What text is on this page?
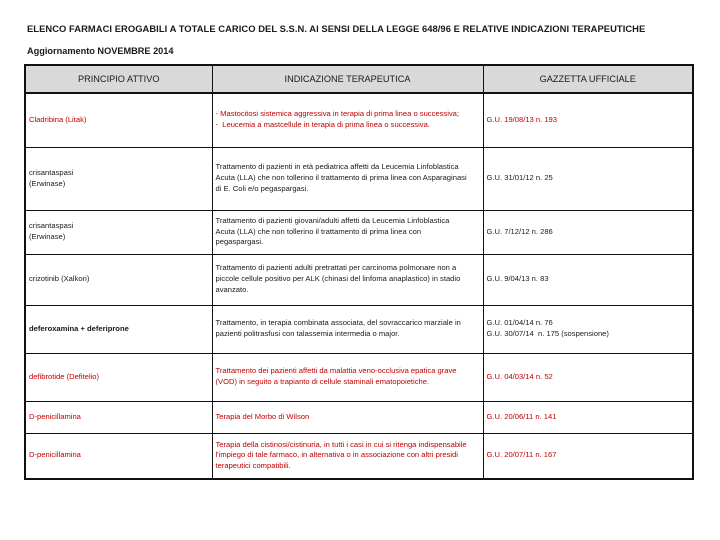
ELENCO FARMACI EROGABILI A TOTALE CARICO DEL S.S.N. AI SENSI DELLA LEGGE 648/96 E RELATIVE INDICAZIONI TERAPEUTICHE
Aggiornamento NOVEMBRE 2014
PRINCIPIO ATTIVO	INDICAZIONE TERAPEUTICA	GAZZETTA UFFICIALE

Cladribina (Litak)	- Mastocitosi sistemica aggressiva in terapia di prima linea o successiva;
-  Leucemia a mastcellule in terapia di prima linea o successiva.	G.U. 19/08/13 n. 193

crisantaspasi
(Erwinase)	Trattamento di pazienti in età pediatrica affetti da Leucemia Linfoblastica
Acuta (LLA) che non tollerino il trattamento di prima linea con Asparaginasi
di E. Coli e/o pegaspargasi.	G.U. 31/01/12 n. 25

crisantaspasi
(Erwinase)	Trattamento di pazienti giovani/adulti affetti da Leucemia Linfoblastica
Acuta (LLA) che non tollerino il trattamento di prima linea con
pegaspargasi.	G.U. 7/12/12 n. 286

crizotinib (Xalkori)	Trattamento di pazienti adulti pretrattati per carcinoma polmonare non a
piccole cellule positivo per ALK (chinasi del linfoma anaplastico) in stadio
avanzato.	G.U. 9/04/13 n. 83

deferoxamina + deferiprone	Trattamento, in terapia combinata associata, del sovraccarico marziale in
pazienti politrasfusi con talassemia intermedia o major.	G.U. 01/04/14 n. 76
G.U. 30/07/14  n. 175 (sospensione)

defibrotide (Defitelio)	Trattamento dei pazienti affetti da malattia veno-occlusiva epatica grave
(VOD) in seguito a trapianto di cellule staminali ematopoietiche.	G.U. 04/03/14 n. 52

D-penicillamina	Terapia del Morbo di Wilson	G.U. 20/06/11 n. 141

D-penicillamina	Terapia della cistinosi/cistinuria, in tutti i casi in cui si ritenga indispensabile
l'impiego di tale farmaco, in alternativa o in associazione con altri presidi
terapeutici compatibili.	G.U. 20/07/11 n. 167
